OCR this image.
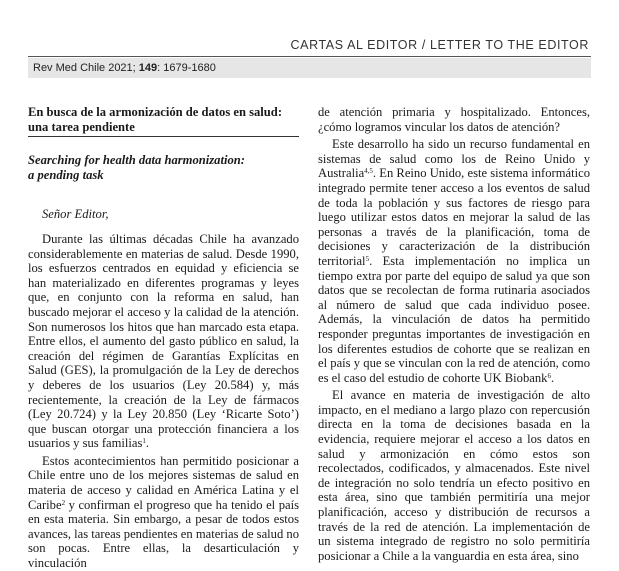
CARTAS AL EDITOR / LETTER TO THE EDITOR
Rev Med Chile 2021; 149: 1679-1680
En busca de la armonización de datos en salud:
una tarea pendiente
Searching for health data harmonization:
a pending task
Señor Editor,

Durante las últimas décadas Chile ha avanzado considerablemente en materias de salud. Desde 1990, los esfuerzos centrados en equidad y eficiencia se han materializado en diferentes programas y leyes que, en conjunto con la reforma en salud, han buscado mejorar el acceso y la calidad de la atención. Son numerosos los hitos que han marcado esta etapa. Entre ellos, el aumento del gasto público en salud, la creación del régimen de Garantías Explícitas en Salud (GES), la promulgación de la Ley de derechos y deberes de los usuarios (Ley 20.584) y, más recientemente, la creación de la Ley de fármacos (Ley 20.724) y la Ley 20.850 (Ley ‘Ricarte Soto’) que buscan otorgar una protección financiera a los usuarios y sus familias$^1$.

Estos acontecimientos han permitido posicionar a Chile entre uno de los mejores sistemas de salud en materia de acceso y calidad en América Latina y el Caribe$^2$ y confirman el progreso que ha tenido el país en esta materia. Sin embargo, a pesar de todos estos avances, las tareas pendientes en materias de salud no son pocas. Entre ellas, la desarticulación y vinculación

de atención primaria y hospitalizado. Entonces, ¿cómo logramos vincular los datos de atención?

Este desarrollo ha sido un recurso fundamental en sistemas de salud como los de Reino Unido y Australia$^{4,5}$. En Reino Unido, este sistema informático integrado permite tener acceso a los eventos de salud de toda la población y sus factores de riesgo para luego utilizar estos datos en mejorar la salud de las personas a través de la planificación, toma de decisiones y caracterización de la distribución territorial$^5$. Esta implementación no implica un tiempo extra por parte del equipo de salud ya que son datos que se recolectan de forma rutinaria asociados al número de salud que cada individuo posee. Además, la vinculación de datos ha permitido responder preguntas importantes de investigación en los diferentes estudios de cohorte que se realizan en el país y que se vinculan con la red de atención, como es el caso del estudio de cohorte UK Biobank$^6$.

El avance en materia de investigación de alto impacto, en el mediano a largo plazo con repercusión directa en la toma de decisiones basada en la evidencia, requiere mejorar el acceso a los datos en salud y armonización en cómo estos son recolectados, codificados, y almacenados. Este nivel de integración no solo tendría un efecto positivo en esta área, sino que también permitiría una mejor planificación, acceso y distribución de recursos a través de la red de atención. La implementación de un sistema integrado de registro no solo permitiría posicionar a Chile a la vanguardia en esta área, sino
